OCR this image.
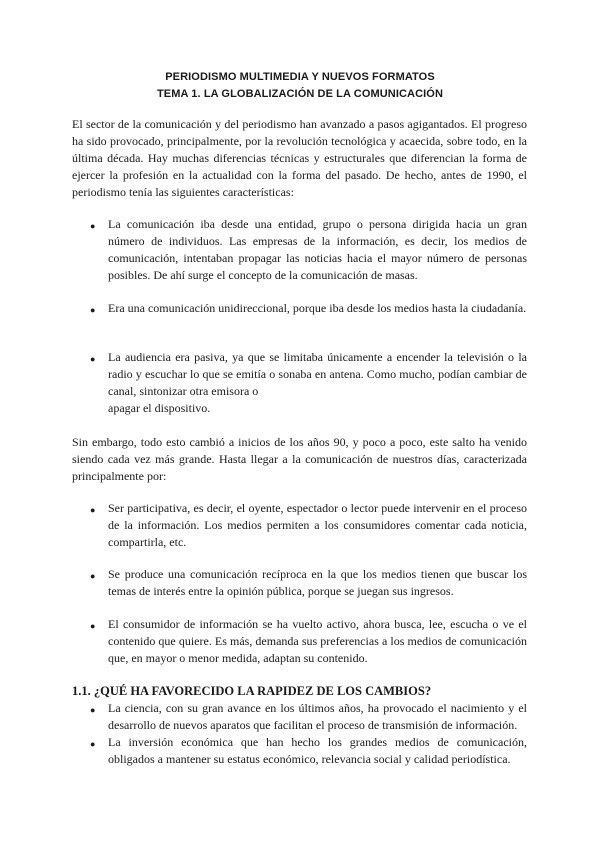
PERIODISMO MULTIMEDIA Y NUEVOS FORMATOS
TEMA 1. LA GLOBALIZACIÓN DE LA COMUNICACIÓN

El sector de la comunicación y del periodismo han avanzado a pasos agigantados. El progreso ha sido provocado, principalmente, por la revolución tecnológica y acaecida, sobre todo, en la última década. Hay muchas diferencias técnicas y estructurales que diferencian la forma de ejercer la profesión en la actualidad con la forma del pasado. De hecho, antes de 1990, el periodismo tenía las siguientes características:

● La comunicación iba desde una entidad, grupo o persona dirigida hacia un gran número de individuos. Las empresas de la información, es decir, los medios de comunicación, intentaban propagar las noticias hacia el mayor número de personas posibles. De ahí surge el concepto de la comunicación de masas.

● Era una comunicación unidireccional, porque iba desde los medios hasta la ciudadanía.

● La audiencia era pasiva, ya que se limitaba únicamente a encender la televisión o la radio y escuchar lo que se emitía o sonaba en antena. Como mucho, podían cambiar de canal, sintonizar otra emisora o

apagar el dispositivo.

Sin embargo, todo esto cambió a inicios de los años 90, y poco a poco, este salto ha venido siendo cada vez más grande. Hasta llegar a la comunicación de nuestros días, caracterizada principalmente por:

● Ser participativa, es decir, el oyente, espectador o lector puede intervenir en el proceso de la información. Los medios permiten a los consumidores comentar cada noticia, compartirla, etc.

● Se produce una comunicación recíproca en la que los medios tienen que buscar los temas de interés entre la opinión pública, porque se juegan sus ingresos.

● El consumidor de información se ha vuelto activo, ahora busca, lee, escucha o ve el contenido que quiere. Es más, demanda sus preferencias a los medios de comunicación que, en mayor o menor medida, adaptan su contenido.

1.1. ¿QUÉ HA FAVORECIDO LA RAPIDEZ DE LOS CAMBIOS?

● La ciencia, con su gran avance en los últimos años, ha provocado el nacimiento y el desarrollo de nuevos aparatos que facilitan el proceso de transmisión de información.

● La inversión económica que han hecho los grandes medios de comunicación, obligados a mantener su estatus económico, relevancia social y calidad periodística.
